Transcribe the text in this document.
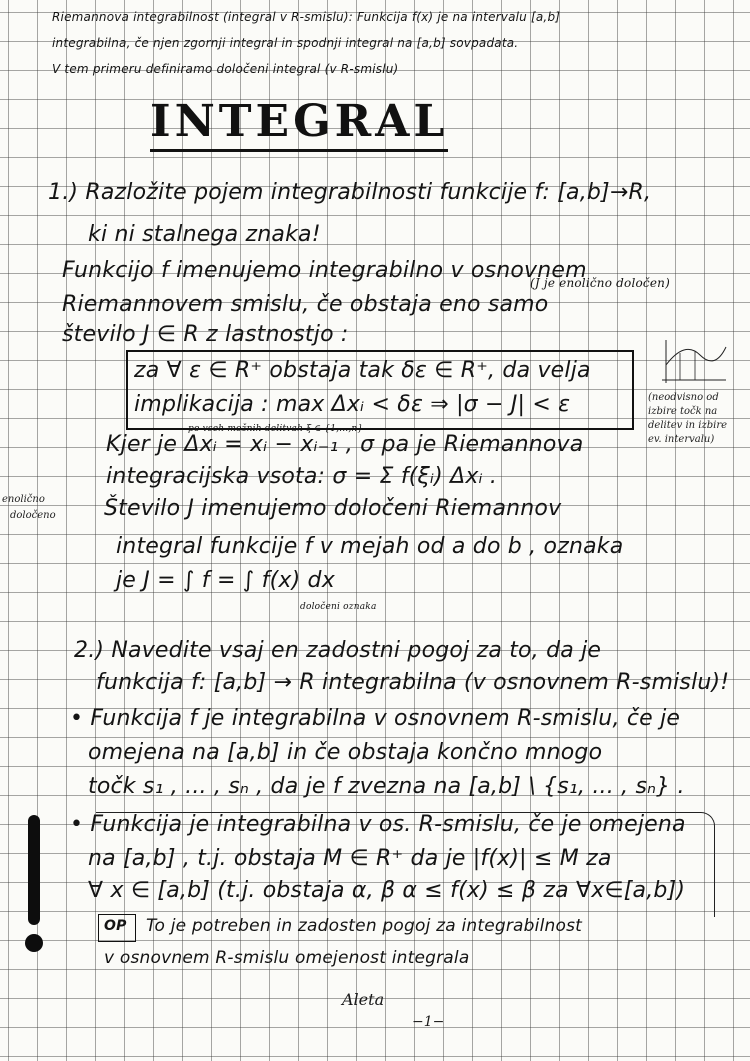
Riemannova integrabilnost (integral v R-smislu): Funkcija f(x) je na intervalu [a,b]
integrabilna, če njen zgornji integral in spodnji integral na [a,b] sovpadata.
V tem primeru definiramo določeni integral (v R-smislu)
INTEGRAL
1.) Razložite pojem integrabilnosti funkcije f: [a,b]→R,
ki ni stalnega znaka!
Funkcijo f imenujemo integrabilno v osnovnem
(J je enolično določen)
Riemannovem smislu, če obstaja eno samo
število J ∈ R z lastnostjo :
za ∀ ε ∈ R⁺ obstaja tak δε ∈ R⁺, da velja
implikacija : max Δxᵢ < δε ⇒ |σ − J| < ε	(neodvisno od
izbire točk na
delitev in izbire
ev. intervalu)
po vseh možnih delitvah ξ ∈ {1,...,n}
Kjer je Δxᵢ = xᵢ − xᵢ₋₁ , σ pa je Riemannova
integracijska vsota: σ = Σ f(ξᵢ) Δxᵢ .
enolično
določeno Število J imenujemo določeni Riemannov
integral funkcije f v mejah od a do b , oznaka
je J = ∫ f = ∫ f(x) dx
določeni oznaka
2.) Navedite vsaj en zadostni pogoj za to, da je
funkcija f: [a,b] → R integrabilna (v osnovnem R-smislu)!
• Funkcija f je integrabilna v osnovnem R-smislu, če je
omejena na [a,b] in če obstaja končno mnogo
točk s₁ , ... , sₙ , da je f zvezna na [a,b] \ {s₁, ... , sₙ} .
• Funkcija je integrabilna v os. R-smislu, če je omejena
na [a,b] , t.j. obstaja M ∈ R⁺ da je |f(x)| ≤ M za
∀ x ∈ [a,b] (t.j. obstaja α, β α ≤ f(x) ≤ β za ∀x∈[a,b])
OP To je potreben in zadosten pogoj za integrabilnost
v osnovnem R-smislu omejenost integrala
Aleta
−1−
